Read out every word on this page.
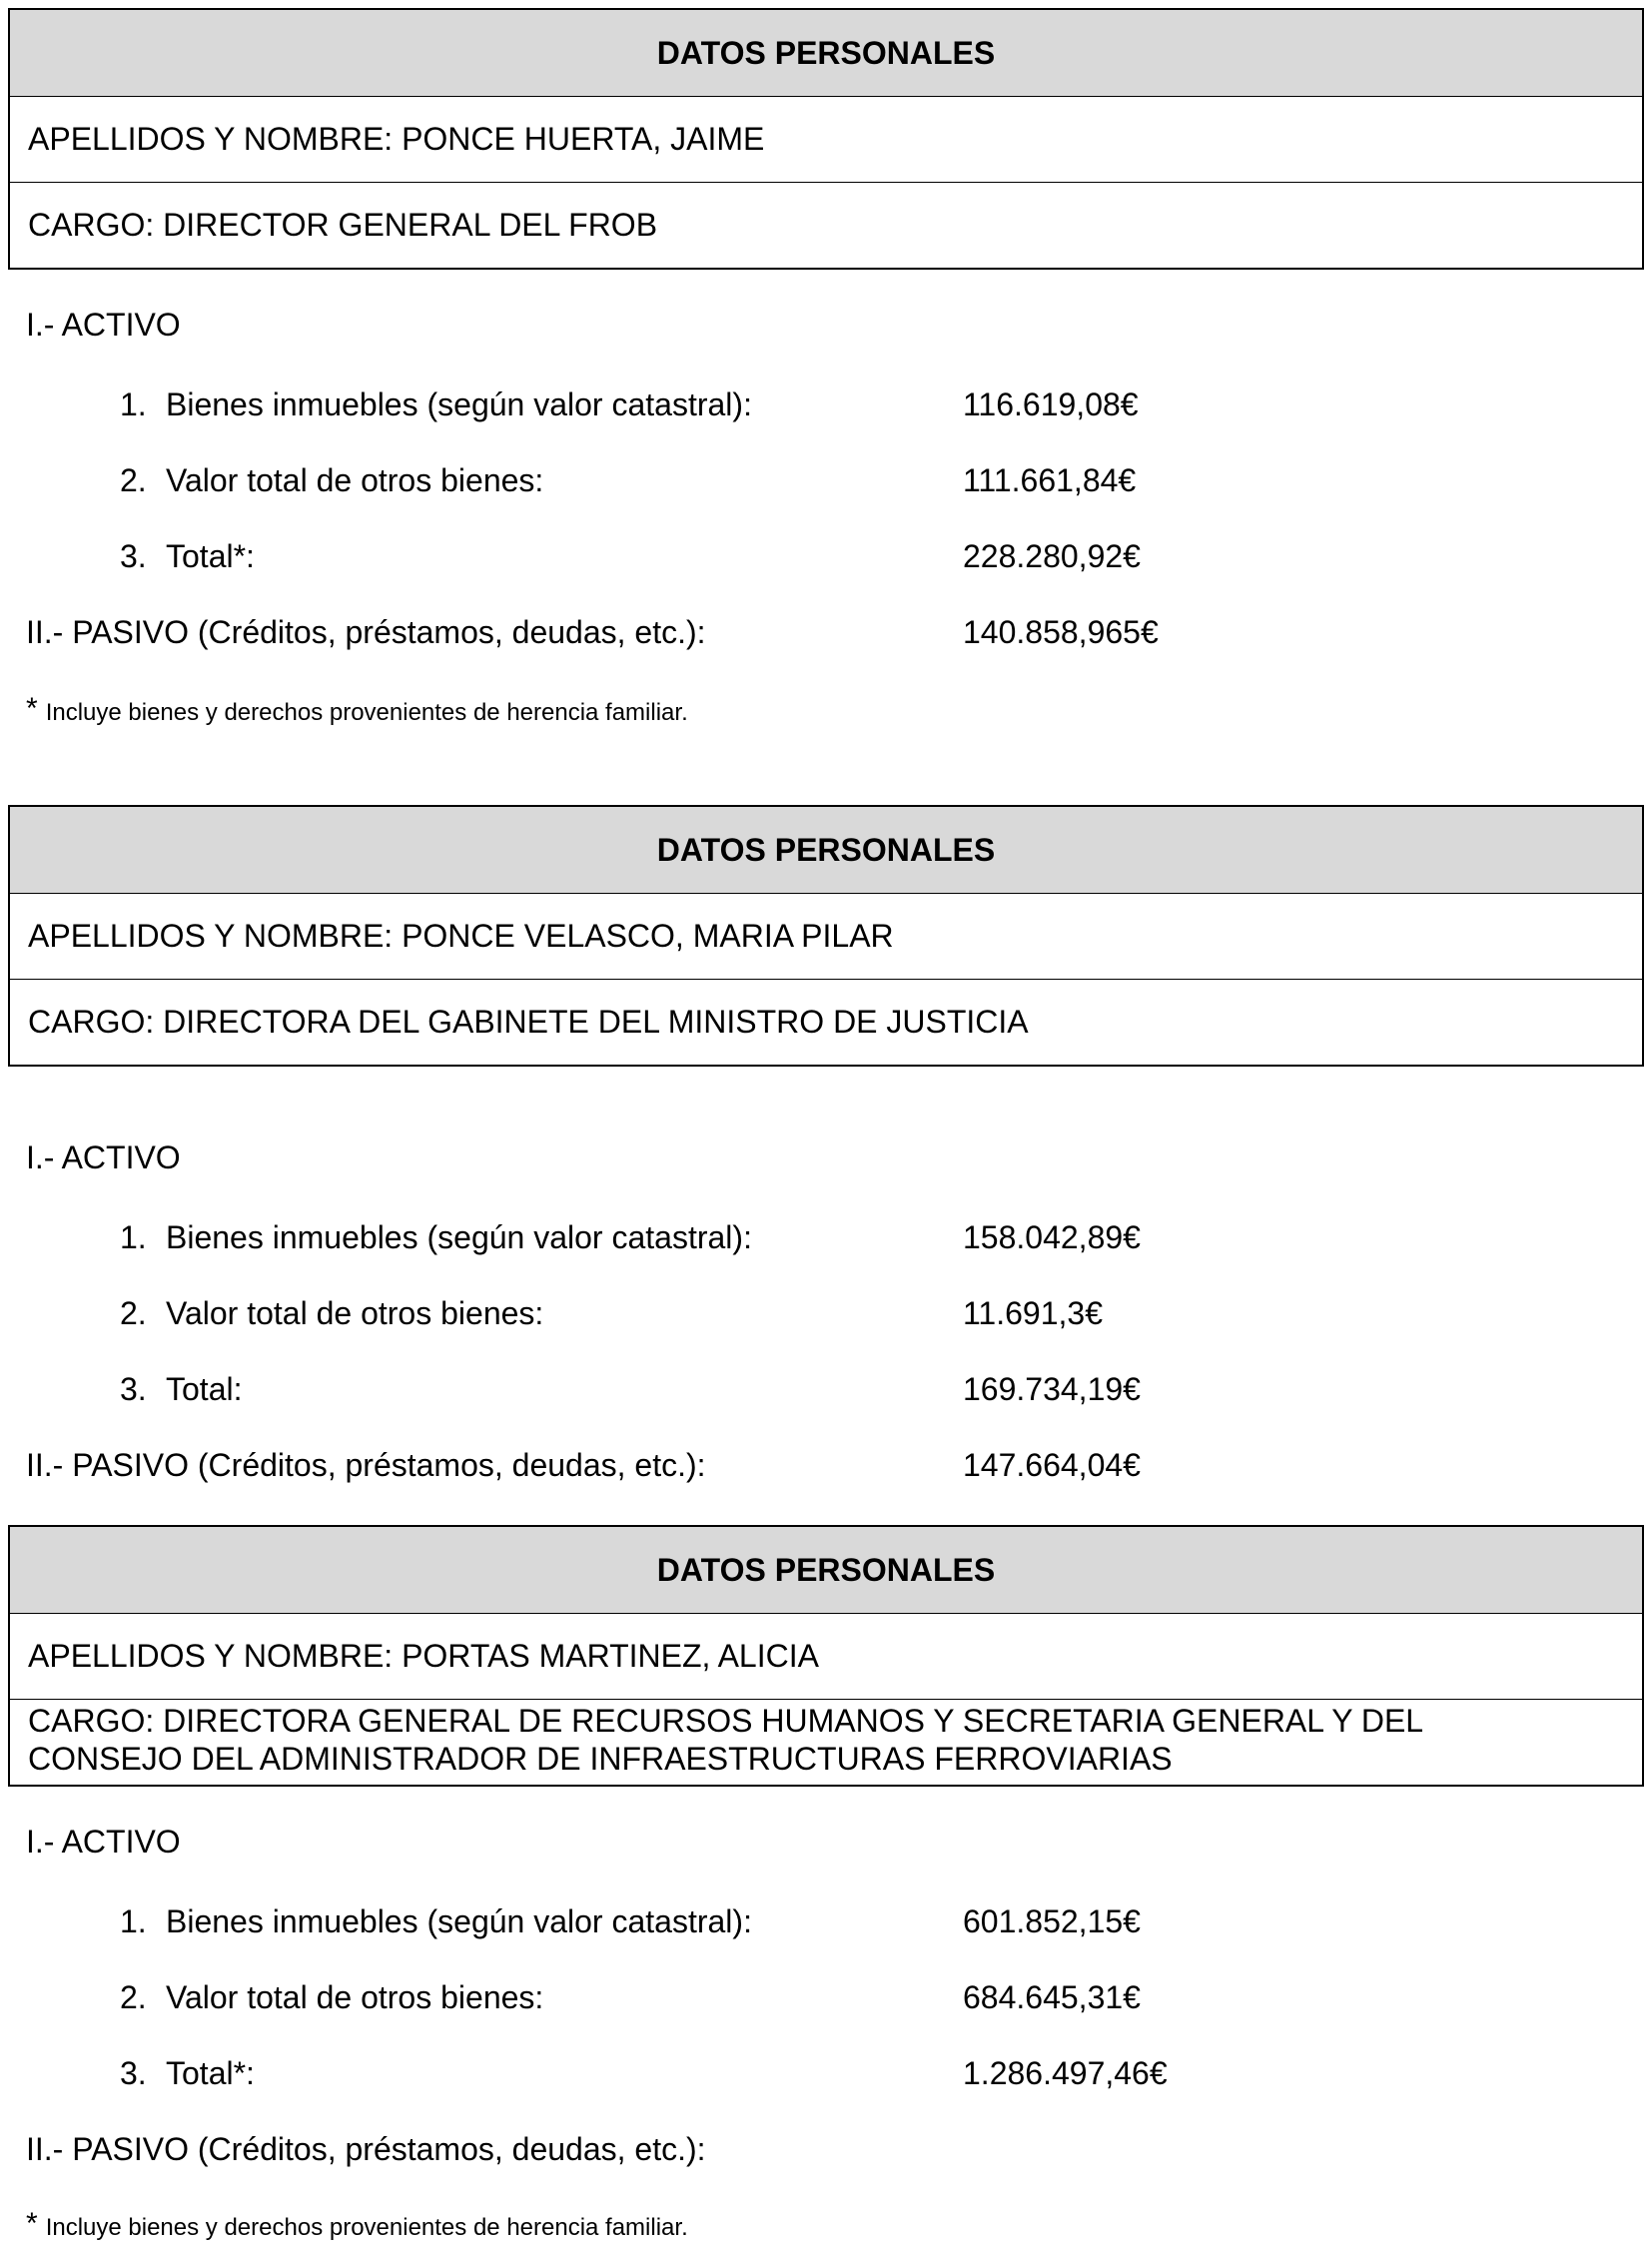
DATOS PERSONALES
APELLIDOS Y NOMBRE: PONCE HUERTA, JAIME
CARGO: DIRECTOR GENERAL DEL FROB
I.- ACTIVO
1. Bienes inmuebles (según valor catastral):	116.619,08€
2. Valor total de otros bienes:	111.661,84€
3. Total*:	228.280,92€
II.- PASIVO (Créditos, préstamos, deudas, etc.):	140.858,965€
* Incluye bienes y derechos provenientes de herencia familiar.
DATOS PERSONALES
APELLIDOS Y NOMBRE: PONCE VELASCO, MARIA PILAR
CARGO: DIRECTORA DEL GABINETE DEL MINISTRO DE JUSTICIA
I.- ACTIVO
1. Bienes inmuebles (según valor catastral):	158.042,89€
2. Valor total de otros bienes:	11.691,3€
3. Total:	169.734,19€
II.- PASIVO (Créditos, préstamos, deudas, etc.):	147.664,04€
DATOS PERSONALES
APELLIDOS Y NOMBRE: PORTAS MARTINEZ, ALICIA
CARGO: DIRECTORA GENERAL DE RECURSOS HUMANOS Y SECRETARIA GENERAL Y DEL
CONSEJO DEL ADMINISTRADOR DE INFRAESTRUCTURAS FERROVIARIAS
I.- ACTIVO
1. Bienes inmuebles (según valor catastral):	601.852,15€
2. Valor total de otros bienes:	684.645,31€
3. Total*:	1.286.497,46€
II.- PASIVO (Créditos, préstamos, deudas, etc.):
* Incluye bienes y derechos provenientes de herencia familiar.
